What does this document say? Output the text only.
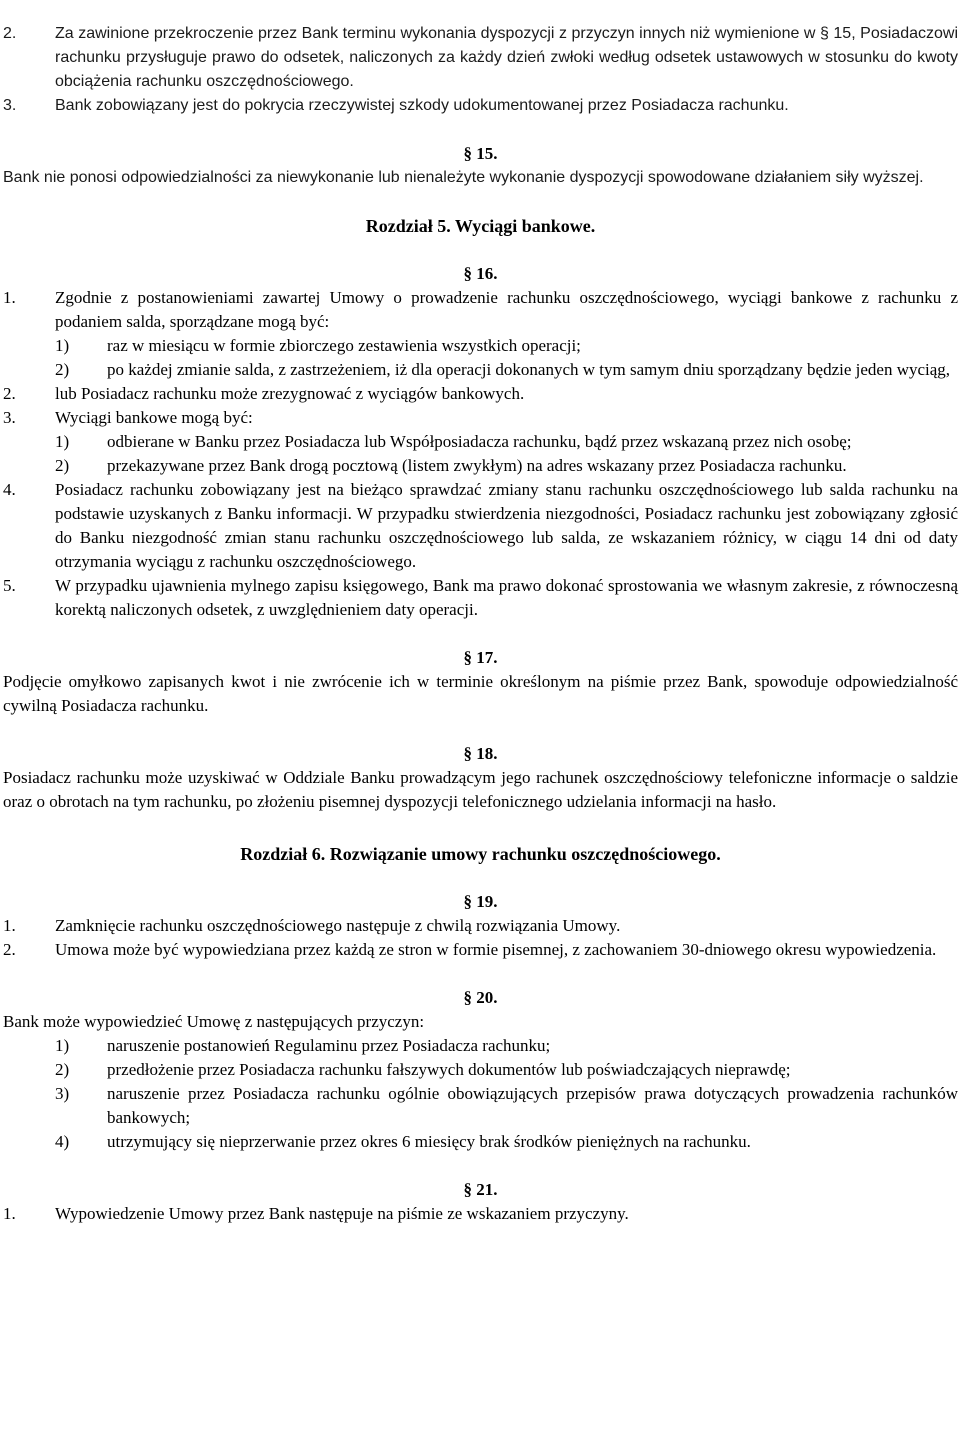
2. Za zawinione przekroczenie przez Bank terminu wykonania dyspozycji z przyczyn innych niż wymienione w § 15, Posiadaczowi rachunku przysługuje prawo do odsetek, naliczonych za każdy dzień zwłoki według odsetek ustawowych w stosunku do kwoty obciążenia rachunku oszczędnościowego.
3. Bank zobowiązany jest do pokrycia rzeczywistej szkody udokumentowanej przez Posiadacza rachunku.
§ 15.

Bank nie ponosi odpowiedzialności za niewykonanie lub nienależyte wykonanie dyspozycji spowodowane działaniem siły wyższej.

Rozdział 5. Wyciągi bankowe.
§ 16.
1. Zgodnie z postanowieniami zawartej Umowy o prowadzenie rachunku oszczędnościowego, wyciągi bankowe z rachunku z podaniem salda, sporządzane mogą być:
1) raz w miesiącu w formie zbiorczego zestawienia wszystkich operacji;
2) po każdej zmianie salda, z zastrzeżeniem, iż dla operacji dokonanych w tym samym dniu sporządzany będzie jeden wyciąg,
2. lub Posiadacz rachunku może zrezygnować z wyciągów bankowych.
3. Wyciągi bankowe mogą być:
1) odbierane w Banku przez Posiadacza lub Współposiadacza rachunku, bądź przez wskazaną przez nich osobę;
2) przekazywane przez Bank drogą pocztową (listem zwykłym) na adres wskazany przez Posiadacza rachunku.
4. Posiadacz rachunku zobowiązany jest na bieżąco sprawdzać zmiany stanu rachunku oszczędnościowego lub salda rachunku na podstawie uzyskanych z Banku informacji. W przypadku stwierdzenia niezgodności, Posiadacz rachunku jest zobowiązany zgłosić do Banku niezgodność zmian stanu rachunku oszczędnościowego lub salda, ze wskazaniem różnicy, w ciągu 14 dni od daty otrzymania wyciągu z rachunku oszczędnościowego.
5. W przypadku ujawnienia mylnego zapisu księgowego, Bank ma prawo dokonać sprostowania we własnym zakresie, z równoczesną korektą naliczonych odsetek, z uwzględnieniem daty operacji.
§ 17.

Podjęcie omyłkowo zapisanych kwot i nie zwrócenie ich w terminie określonym na piśmie przez Bank, spowoduje odpowiedzialność cywilną Posiadacza rachunku.

§ 18.

Posiadacz rachunku może uzyskiwać w Oddziale Banku prowadzącym jego rachunek oszczędnościowy telefoniczne informacje o saldzie oraz o obrotach na tym rachunku, po złożeniu pisemnej dyspozycji telefonicznego udzielania informacji na hasło.

Rozdział 6. Rozwiązanie umowy rachunku oszczędnościowego.
§ 19.
1. Zamknięcie rachunku oszczędnościowego następuje z chwilą rozwiązania Umowy.
2. Umowa może być wypowiedziana przez każdą ze stron w formie pisemnej, z zachowaniem 30-dniowego okresu wypowiedzenia.
§ 20.

Bank może wypowiedzieć Umowę z następujących przyczyn:

1) naruszenie postanowień Regulaminu przez Posiadacza rachunku;
2) przedłożenie przez Posiadacza rachunku fałszywych dokumentów lub poświadczających nieprawdę;
3) naruszenie przez Posiadacza rachunku ogólnie obowiązujących przepisów prawa dotyczących prowadzenia rachunków bankowych;
4) utrzymujący się nieprzerwanie przez okres 6 miesięcy brak środków pieniężnych na rachunku.
§ 21.
1. Wypowiedzenie Umowy przez Bank następuje na piśmie ze wskazaniem przyczyny.
